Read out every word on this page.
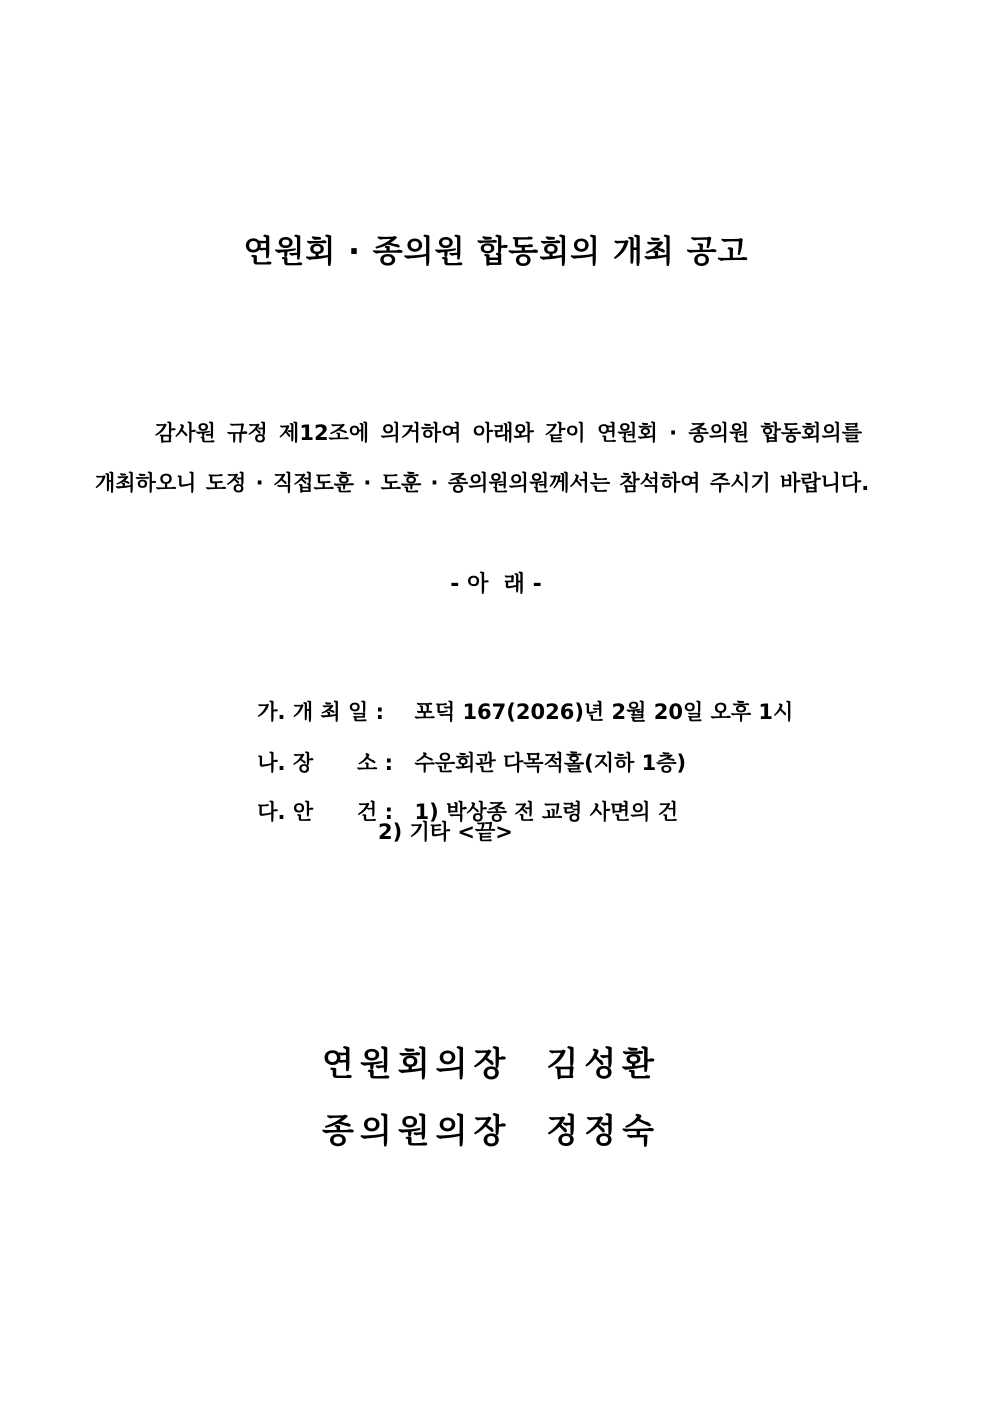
연원회 · 종의원 합동회의 개최 공고
감사원 규정 제12조에 의거하여 아래와 같이 연원회 · 종의원 합동회의를
개최하오니 도정 · 직접도훈 · 도훈 · 종의원의원께서는 참석하여 주시기 바랍니다.
- 아  래 -

가. 개 최 일 : 포덕 167(2026)년 2월 20일 오후 1시

나. 장      소 : 수운회관 다목적홀(지하 1층)

다. 안      건 : 1) 박상종 전 교령 사면의 건

2) 기타 <끝>
연원회의장  김성환
종의원의장  정정숙
